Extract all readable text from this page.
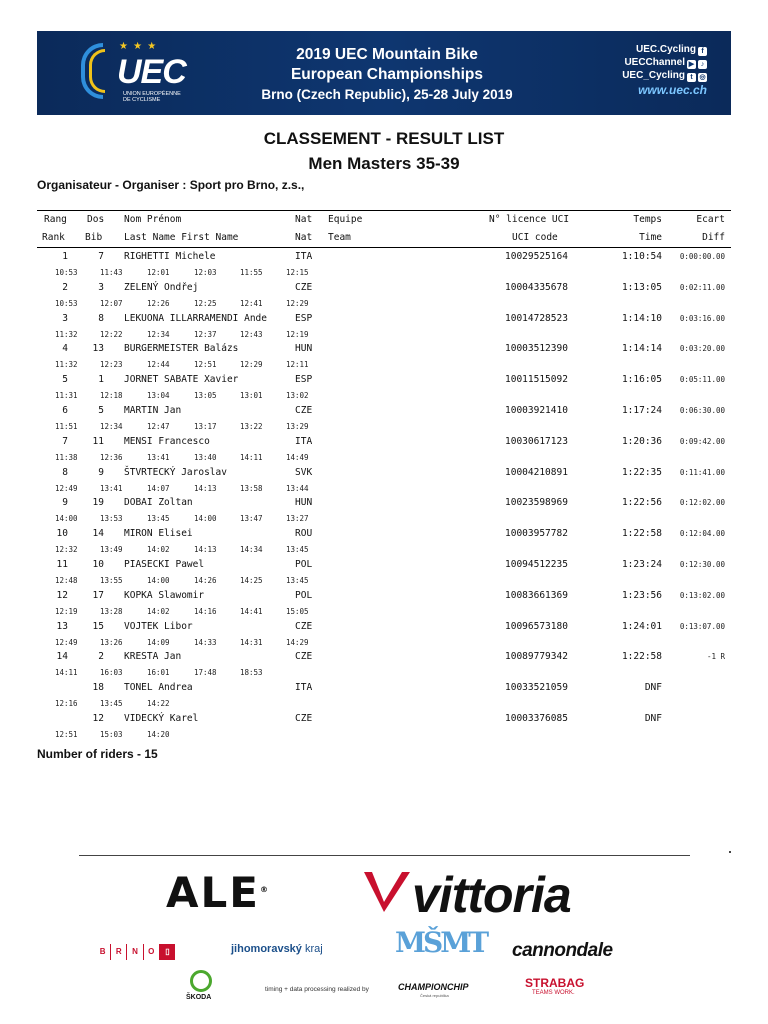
★ ★ ★
UEC
UNION EUROPÉENNE DE CYCLISME
2019 UEC Mountain Bike
European Championships
Brno (Czech Republic), 25-28 July 2019
UEC.Cycling f
UECChannel ▶ ♪
UEC_Cycling t ◎
www.uec.ch
CLASSEMENT - RESULT LIST
Men Masters 35-39
Organisateur - Organiser : Sport pro Brno, z.s.,
Rang Dos Nom Prénom	Nat Equipe	N° licence UCI	Temps	Ecart
Rank Bib Last Name First Name	Nat Team	UCI code	Time	Diff
1	7 RIGHETTI Michele	ITA	10029525164	1:10:54	0:00:00.00
10:53	11:43	12:01	12:03	11:55	12:15
2	3 ZELENÝ Ondřej	CZE	10004335678	1:13:05	0:02:11.00
10:53	12:07	12:26	12:25	12:41	12:29
3	8 LEKUONA ILLARRAMENDI Ande	ESP	10014728523	1:14:10	0:03:16.00
11:32	12:22	12:34	12:37	12:43	12:19
4	13 BURGERMEISTER Balázs	HUN	10003512390	1:14:14	0:03:20.00
11:32	12:23	12:44	12:51	12:29	12:11
5	1 JORNET SABATE Xavier	ESP	10011515092	1:16:05	0:05:11.00
11:31	12:18	13:04	13:05	13:01	13:02
6	5 MARTIN Jan	CZE	10003921410	1:17:24	0:06:30.00
11:51	12:34	12:47	13:17	13:22	13:29
7	11 MENSI Francesco	ITA	10030617123	1:20:36	0:09:42.00
11:38	12:36	13:41	13:40	14:11	14:49
8	9 ŠTVRTECKÝ Jaroslav	SVK	10004210891	1:22:35	0:11:41.00
12:49	13:41	14:07	14:13	13:58	13:44
9	19 DOBAI Zoltan	HUN	10023598969	1:22:56	0:12:02.00
14:00	13:53	13:45	14:00	13:47	13:27
10	14 MIRON Elisei	ROU	10003957782	1:22:58	0:12:04.00
12:32	13:49	14:02	14:13	14:34	13:45
11	10 PIASECKI Pawel	POL	10094512235	1:23:24	0:12:30.00
12:48	13:55	14:00	14:26	14:25	13:45
12	17 KOPKA Slawomir	POL	10083661369	1:23:56	0:13:02.00
12:19	13:28	14:02	14:16	14:41	15:05
13	15 VOJTEK Libor	CZE	10096573180	1:24:01	0:13:07.00
12:49	13:26	14:09	14:33	14:31	14:29
14	2 KRESTA Jan	CZE	10089779342	1:22:58	-1 R
14:11	16:03	16:01	17:48	18:53
18 TONEL Andrea	ITA	10033521059	DNF
12:16	13:45	14:22
12 VIDECKÝ Karel	CZE	10003376085	DNF
12:51	15:03	14:20
Number of riders - 15
ALE®	vittoria
B	R	N	O	▯	jihomoravský kraj	MŠMT cannondale
ŠKODA
timing + data processing realized by	CHAMPIONCHIP
Česká republika
STRABAG
TEAMS WORK.
